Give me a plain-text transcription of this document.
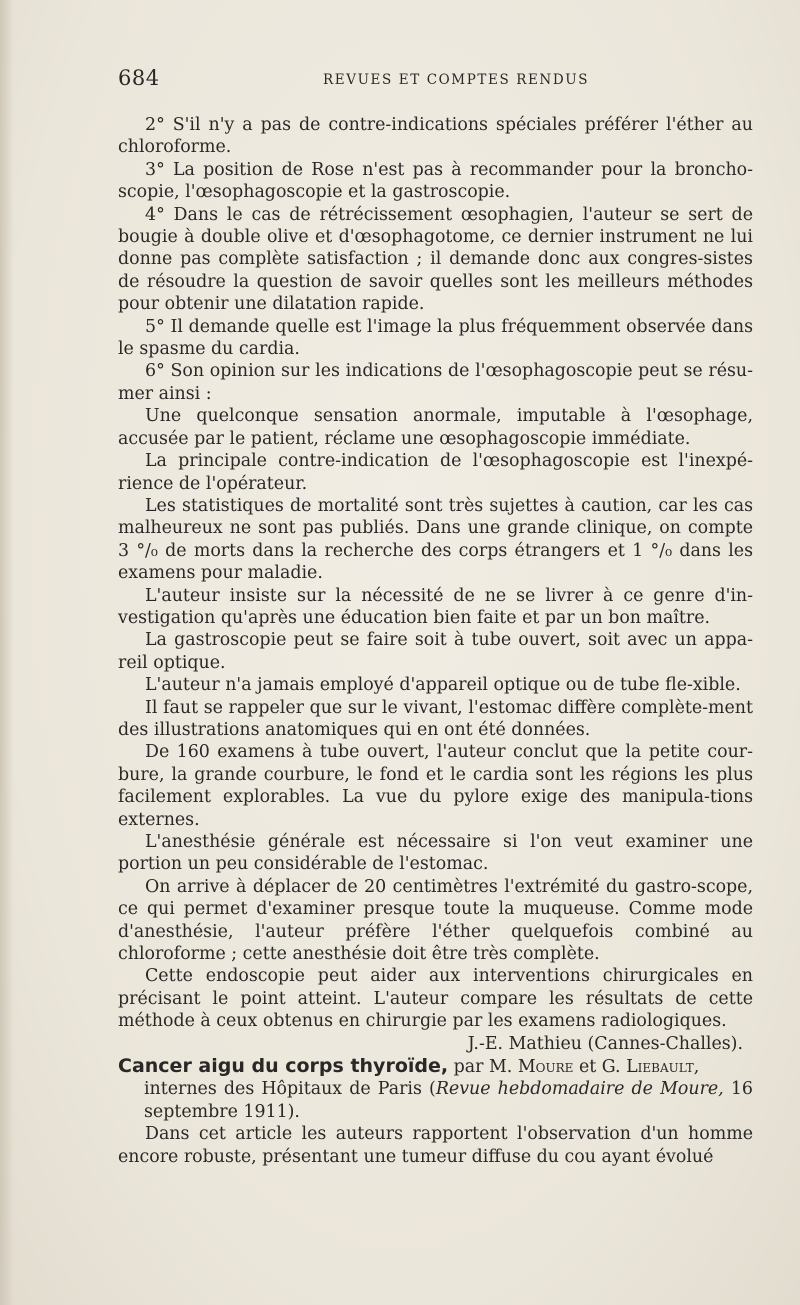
684	REVUES ET COMPTES RENDUS

2° S'il n'y a pas de contre-indications spéciales préférer l'éther au chloroforme.

3° La position de Rose n'est pas à recommander pour la broncho-scopie, l'œsophagoscopie et la gastroscopie.

4° Dans le cas de rétrécissement œsophagien, l'auteur se sert de bougie à double olive et d'œsophagotome, ce dernier instrument ne lui donne pas complète satisfaction ; il demande donc aux congres-sistes de résoudre la question de savoir quelles sont les meilleurs méthodes pour obtenir une dilatation rapide.

5° Il demande quelle est l'image la plus fréquemment observée dans le spasme du cardia.

6° Son opinion sur les indications de l'œsophagoscopie peut se résu-mer ainsi :

Une quelconque sensation anormale, imputable à l'œsophage, accusée par le patient, réclame une œsophagoscopie immédiate.

La principale contre-indication de l'œsophagoscopie est l'inexpé-rience de l'opérateur.

Les statistiques de mortalité sont très sujettes à caution, car les cas malheureux ne sont pas publiés. Dans une grande clinique, on compte 3 °/₀ de morts dans la recherche des corps étrangers et 1 °/₀ dans les examens pour maladie.

L'auteur insiste sur la nécessité de ne se livrer à ce genre d'in-vestigation qu'après une éducation bien faite et par un bon maître.

La gastroscopie peut se faire soit à tube ouvert, soit avec un appa-reil optique.

L'auteur n'a jamais employé d'appareil optique ou de tube fle-xible.

Il faut se rappeler que sur le vivant, l'estomac diffère complète-ment des illustrations anatomiques qui en ont été données.

De 160 examens à tube ouvert, l'auteur conclut que la petite cour-bure, la grande courbure, le fond et le cardia sont les régions les plus facilement explorables. La vue du pylore exige des manipula-tions externes.

L'anesthésie générale est nécessaire si l'on veut examiner une portion un peu considérable de l'estomac.

On arrive à déplacer de 20 centimètres l'extrémité du gastro-scope, ce qui permet d'examiner presque toute la muqueuse. Comme mode d'anesthésie, l'auteur préfère l'éther quelquefois combiné au chloroforme ; cette anesthésie doit être très complète.

Cette endoscopie peut aider aux interventions chirurgicales en précisant le point atteint. L'auteur compare les résultats de cette méthode à ceux obtenus en chirurgie par les examens radiologiques.

J.-E. Mathieu (Cannes-Challes).

Cancer aigu du corps thyroïde, par M. Moure et G. Liebault,
internes des Hôpitaux de Paris (Revue hebdomadaire de Moure, 16 septembre 1911).

Dans cet article les auteurs rapportent l'observation d'un homme encore robuste, présentant une tumeur diffuse du cou ayant évolué
